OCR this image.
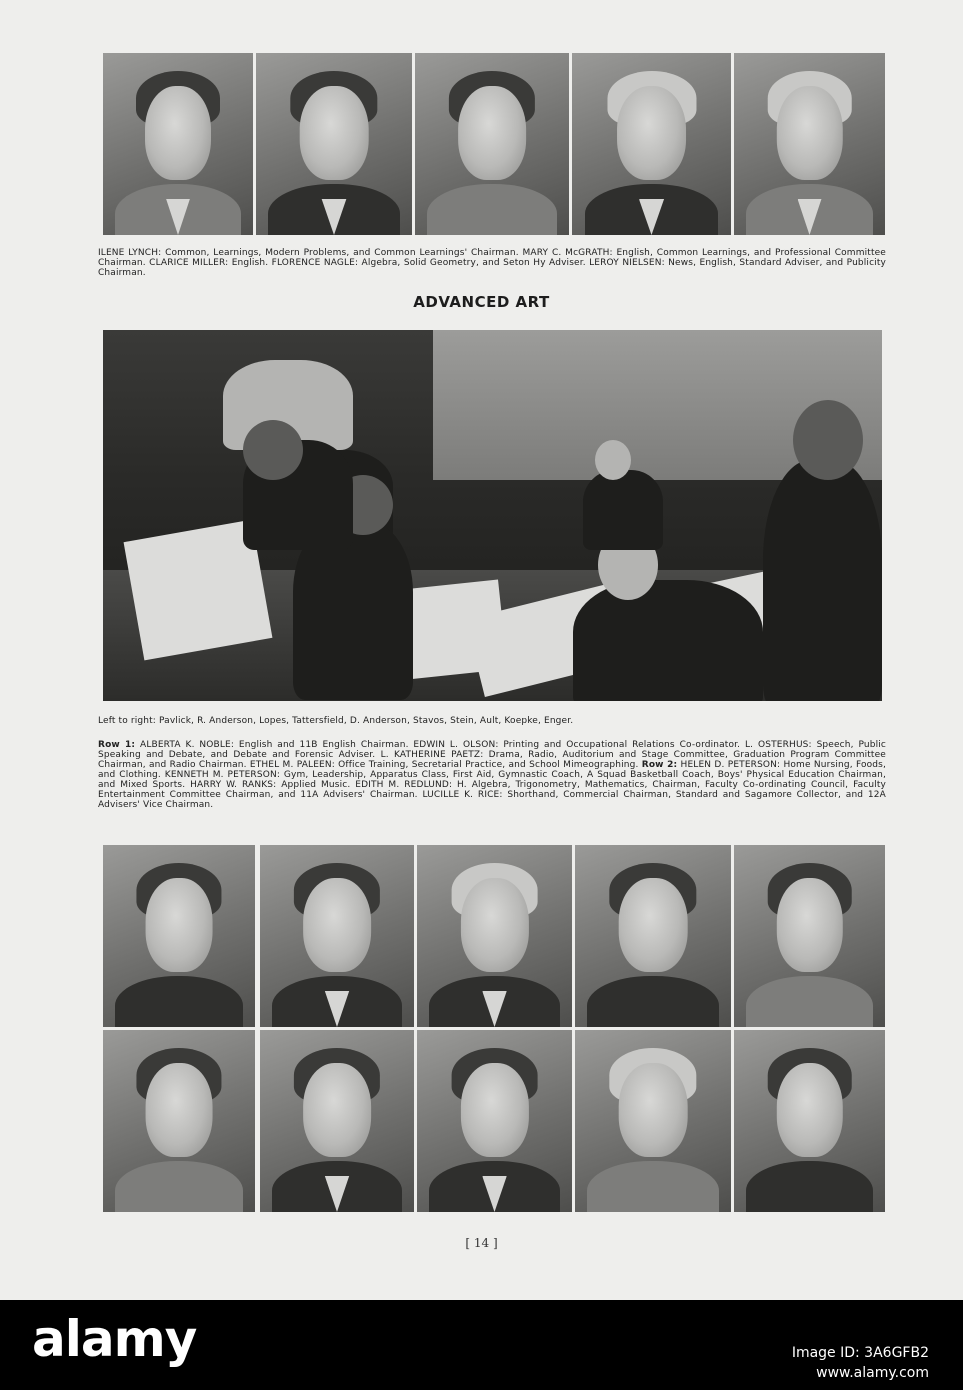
ILENE LYNCH: Common, Learnings, Modern Problems, and Common Learnings' Chairman. MARY C. McGRATH: English, Common Learnings, and Professional Committee Chairman. CLARICE MILLER: English. FLORENCE NAGLE: Algebra, Solid Geometry, and Seton Hy Adviser. LEROY NIELSEN: News, English, Standard Adviser, and Publicity Chairman.
ADVANCED ART
Left to right: Pavlick, R. Anderson, Lopes, Tattersfield, D. Anderson, Stavos, Stein, Ault, Koepke, Enger.
Row 1: ALBERTA K. NOBLE: English and 11B English Chairman. EDWIN L. OLSON: Printing and Occupational Relations Co-ordinator. L. OSTERHUS: Speech, Public Speaking and Debate, and Debate and Forensic Adviser. L. KATHERINE PAETZ: Drama, Radio, Auditorium and Stage Committee, Graduation Program Committee Chairman, and Radio Chairman. ETHEL M. PALEEN: Office Training, Secretarial Practice, and School Mimeographing. Row 2: HELEN D. PETERSON: Home Nursing, Foods, and Clothing. KENNETH M. PETERSON: Gym, Leadership, Apparatus Class, First Aid, Gymnastic Coach, A Squad Basketball Coach, Boys' Physical Education Chairman, and Mixed Sports. HARRY W. RANKS: Applied Music. EDITH M. REDLUND: H. Algebra, Trigonometry, Mathematics, Chairman, Faculty Co-ordinating Council, Faculty Entertainment Committee Chairman, and 11A Advisers' Chairman. LUCILLE K. RICE: Shorthand, Commercial Chairman, Standard and Sagamore Collector, and 12A Advisers' Vice Chairman.
[ 14 ]
alamy	Image ID: 3A6GFB2
www.alamy.com
